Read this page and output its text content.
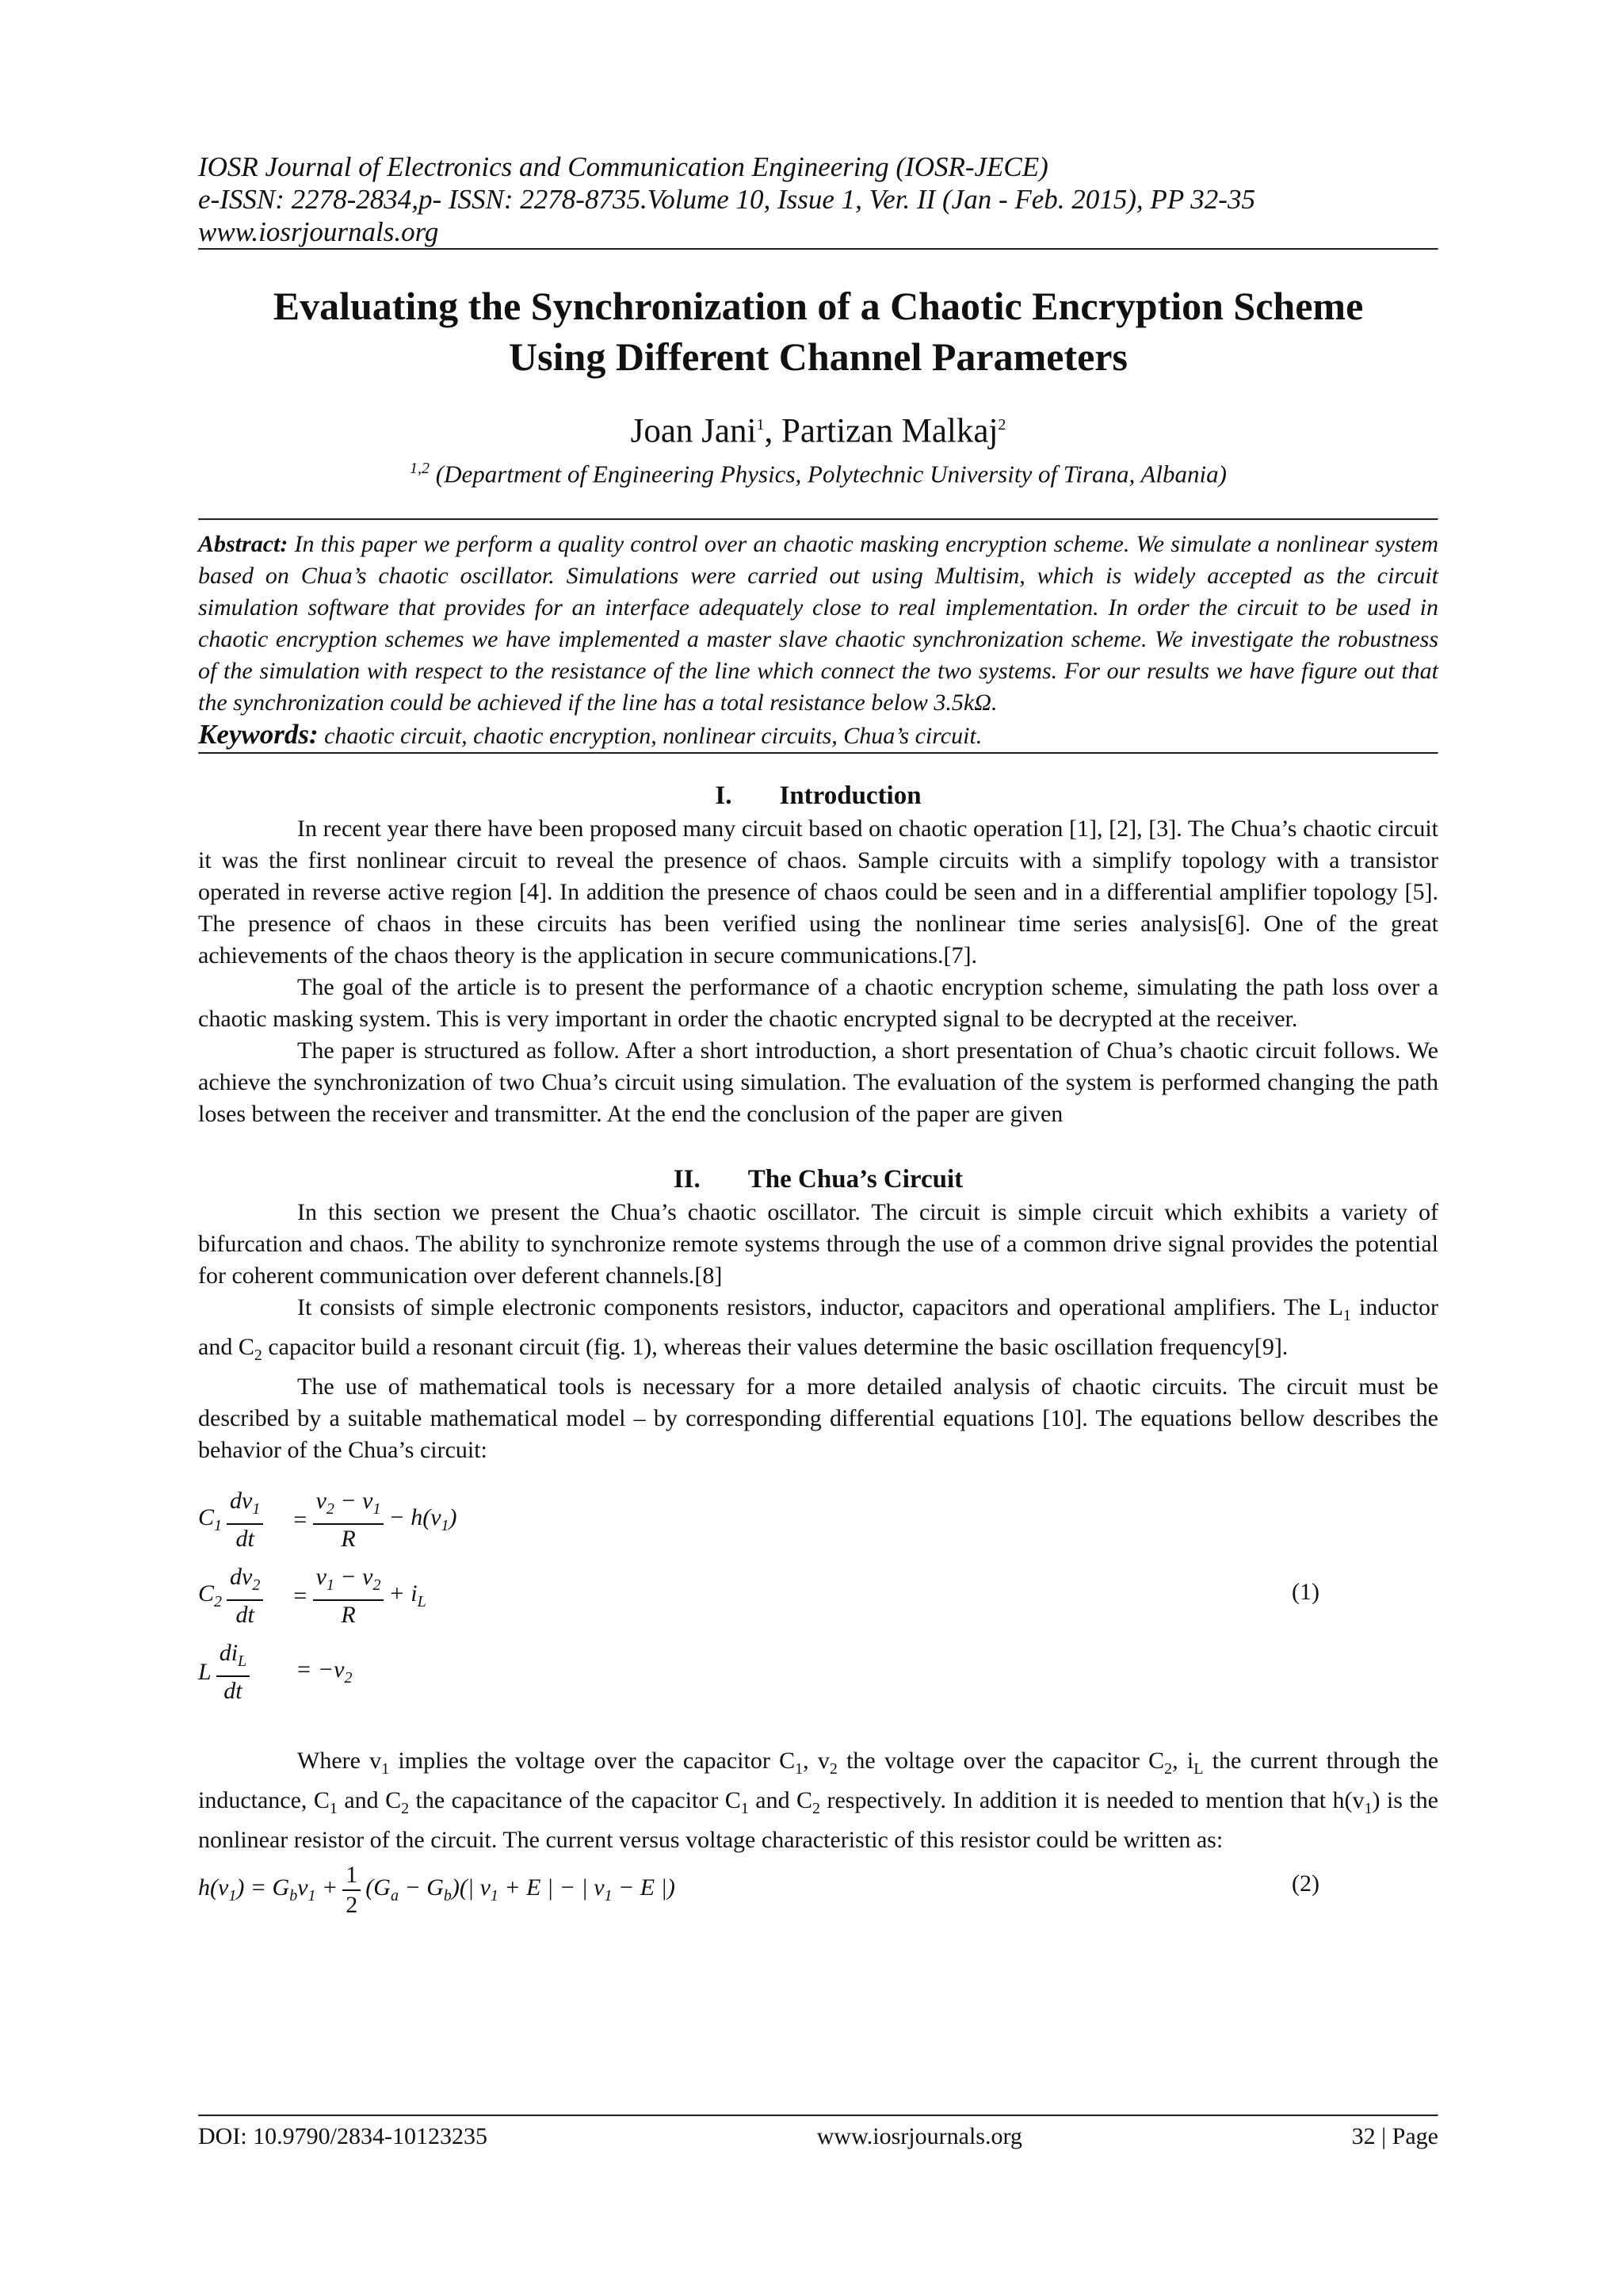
IOSR Journal of Electronics and Communication Engineering (IOSR-JECE)
e-ISSN: 2278-2834,p- ISSN: 2278-8735.Volume 10, Issue 1, Ver. II (Jan - Feb. 2015), PP 32-35
www.iosrjournals.org
Evaluating the Synchronization of a Chaotic Encryption Scheme
Using Different Channel Parameters
Joan Jani$^1$, Partizan Malkaj$^2$
$^{1,2}$ (Department of Engineering Physics, Polytechnic University of Tirana, Albania)
Abstract: In this paper we perform a quality control over an chaotic masking encryption scheme. We simulate a nonlinear system based on Chua’s chaotic oscillator. Simulations were carried out using Multisim, which is widely accepted as the circuit simulation software that provides for an interface adequately close to real implementation. In order the circuit to be used in chaotic encryption schemes we have implemented a master slave chaotic synchronization scheme. We investigate the robustness of the simulation with respect to the resistance of the line which connect the two systems. For our results we have figure out that the synchronization could be achieved if the line has a total resistance below 3.5kΩ.
Keywords: chaotic circuit, chaotic encryption, nonlinear circuits, Chua’s circuit.
I. Introduction

In recent year there have been proposed many circuit based on chaotic operation [1], [2], [3]. The Chua’s chaotic circuit it was the first nonlinear circuit to reveal the presence of chaos. Sample circuits with a simplify topology with a transistor operated in reverse active region [4]. In addition the presence of chaos could be seen and in a differential amplifier topology [5]. The presence of chaos in these circuits has been verified using the nonlinear time series analysis[6]. One of the great achievements of the chaos theory is the application in secure communications.[7].

The goal of the article is to present the performance of a chaotic encryption scheme, simulating the path loss over a chaotic masking system. This is very important in order the chaotic encrypted signal to be decrypted at the receiver.

The paper is structured as follow. After a short introduction, a short presentation of Chua’s chaotic circuit follows. We achieve the synchronization of two Chua’s circuit using simulation. The evaluation of the system is performed changing the path loses between the receiver and transmitter. At the end the conclusion of the paper are given

II. The Chua’s Circuit

In this section we present the Chua’s chaotic oscillator. The circuit is simple circuit which exhibits a variety of bifurcation and chaos. The ability to synchronize remote systems through the use of a common drive signal provides the potential for coherent communication over deferent channels.[8]

It consists of simple electronic components resistors, inductor, capacitors and operational amplifiers. The $L_1$ inductor and $C_2$ capacitor build a resonant circuit (fig. 1), whereas their values determine the basic oscillation frequency[9].

The use of mathematical tools is necessary for a more detailed analysis of chaotic circuits. The circuit must be described by a suitable mathematical model – by corresponding differential equations [10]. The equations bellow describes the behavior of the Chua’s circuit:

$C_1 \frac{dv_1}{dt} = \frac{v_2 - v_1}{R} - h(v_1)$
$C_2 \frac{dv_2}{dt} = \frac{v_1 - v_2}{R} + i_L$
L $\frac{di_L}{dt} = -v_2$
(1)

Where $v_1$ implies the voltage over the capacitor $C_1$, $v_2$ the voltage over the capacitor $C_2$, $i_L$ the current through the inductance, $C_1$ and $C_2$ the capacitance of the capacitor $C_1$ and $C_2$ respectively. In addition it is needed to mention that $h(v_1)$ is the nonlinear resistor of the circuit. The current versus voltage characteristic of this resistor could be written as:

$h(v_1) = G_bv_1 + \frac{1}{2} (G_a - G_b)(|$ $v_1 + E$ | − | $v_1 - E$ |)	(2)
DOI: 10.9790/2834-10123235	www.iosrjournals.org	32 | Page
